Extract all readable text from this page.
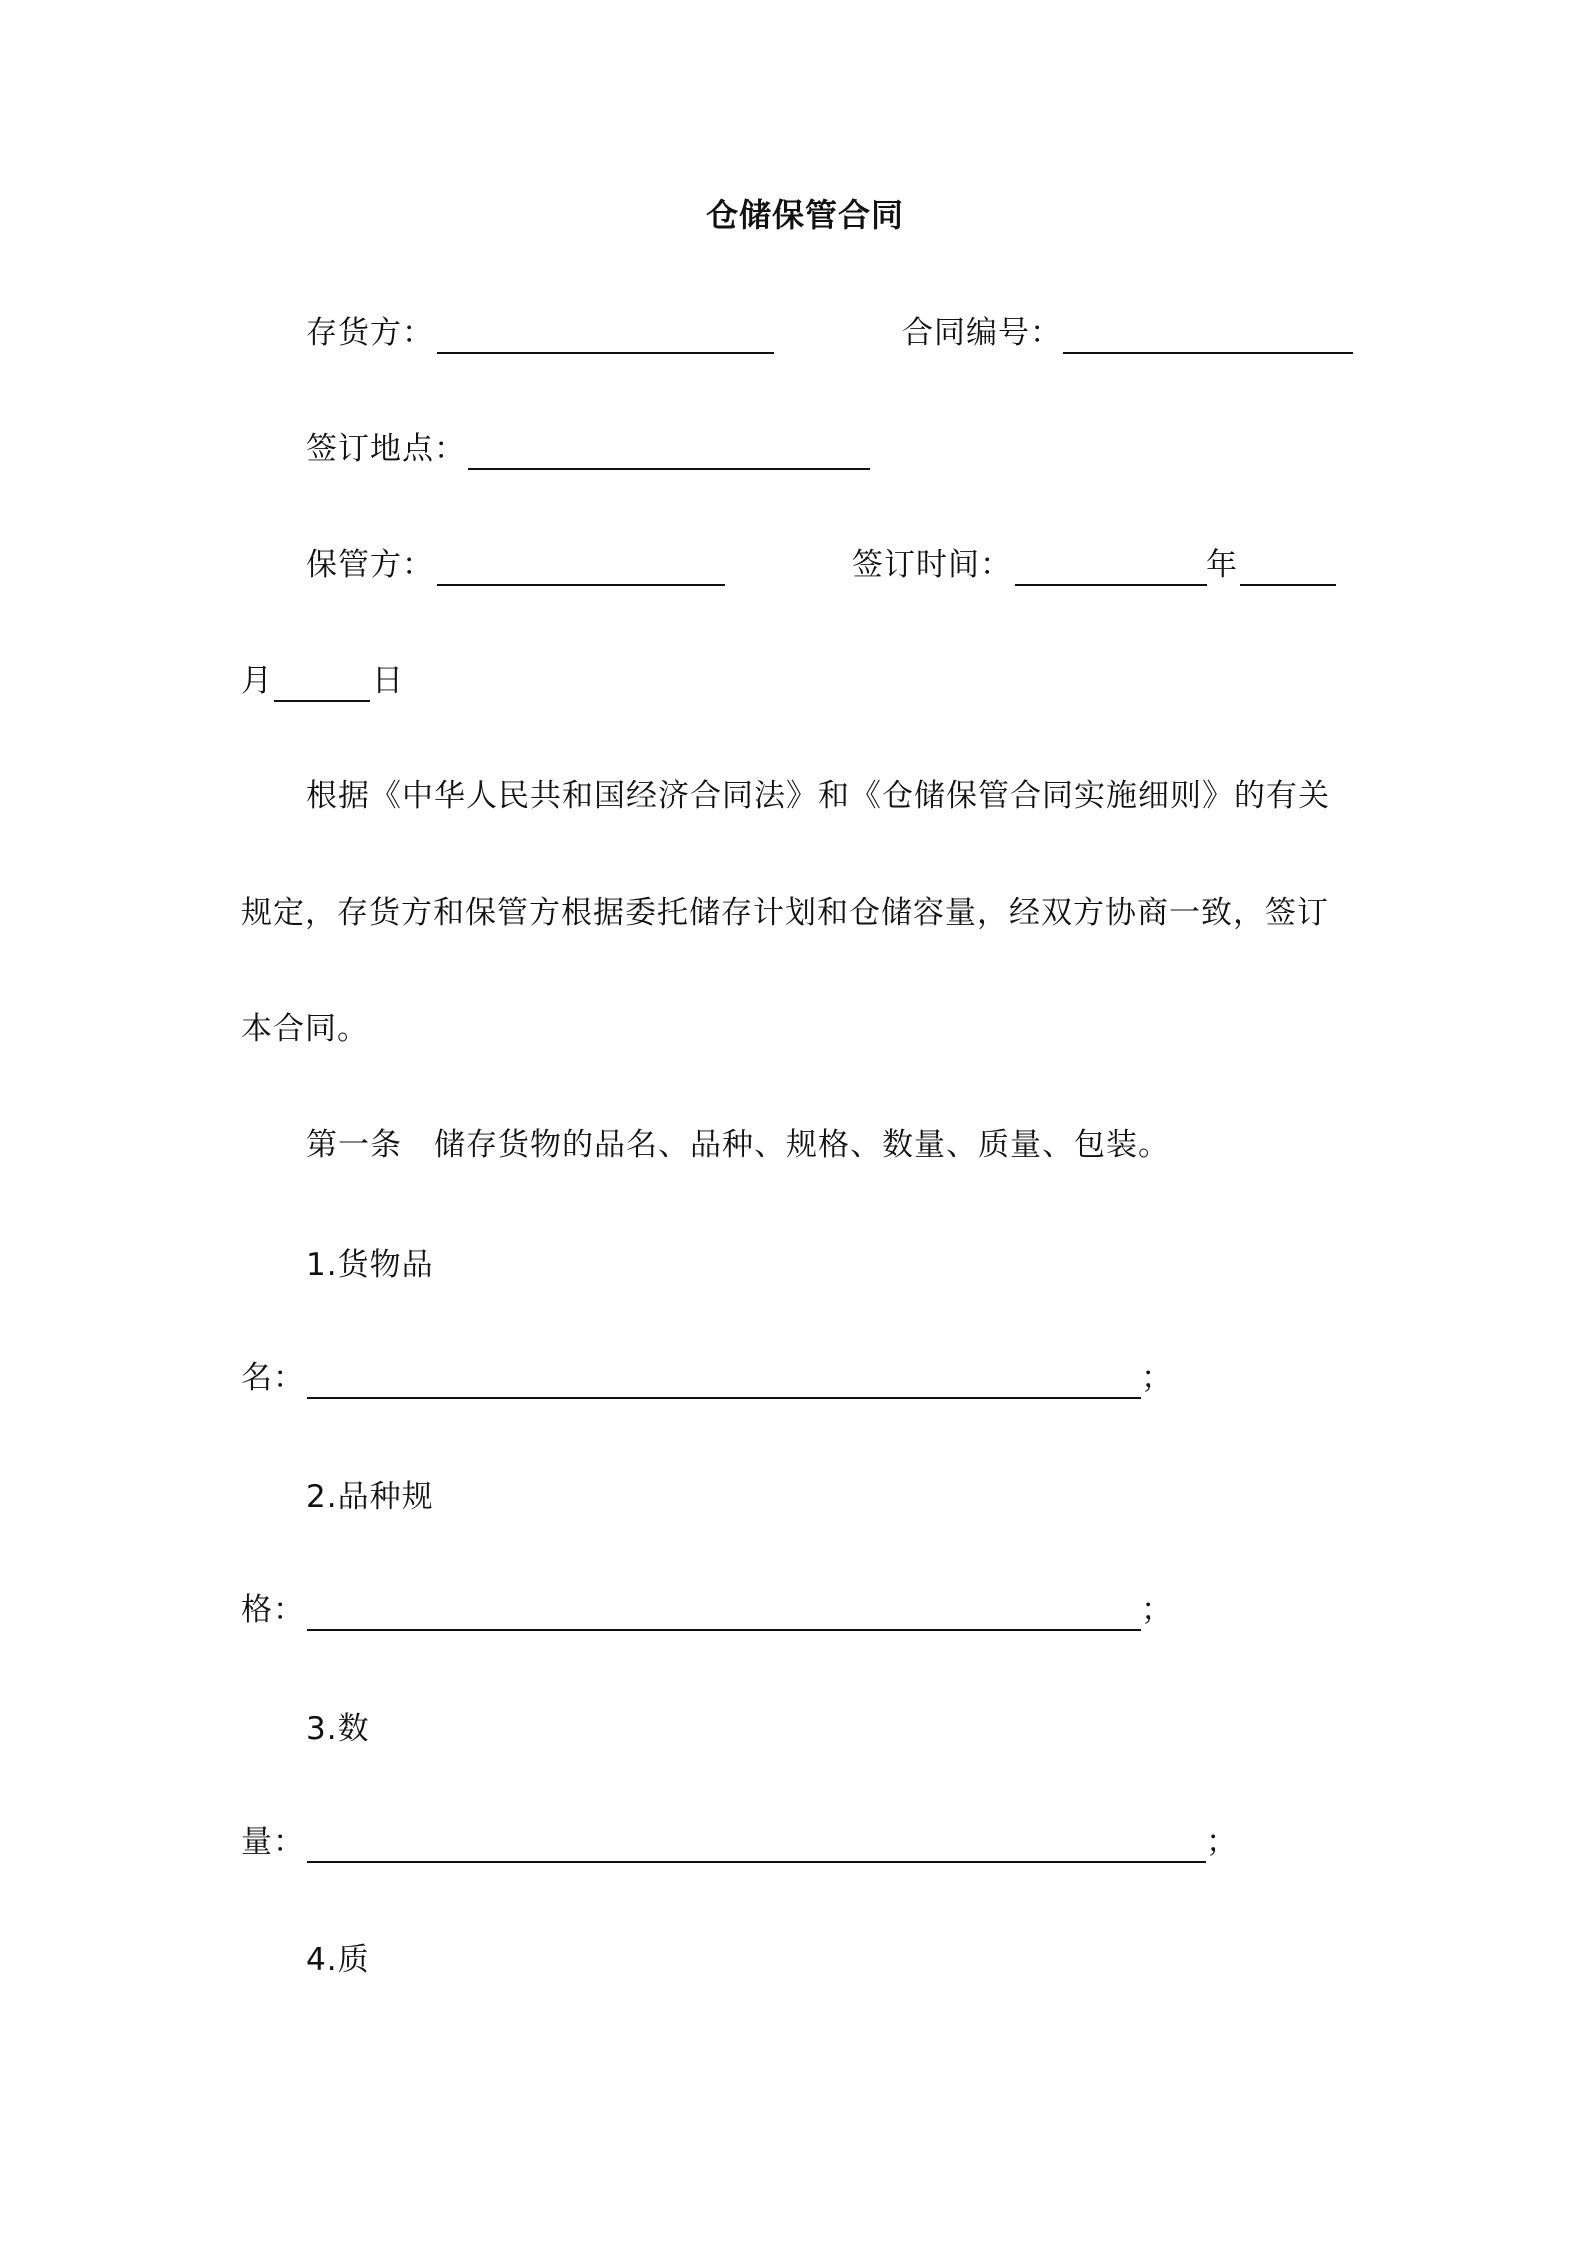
仓储保管合同
存货方：	合同编号：
签订地点：
保管方：	签订时间：	年
月	日
根据《中华人民共和国经济合同法》和《仓储保管合同实施细则》的有关
规定，存货方和保管方根据委托储存计划和仓储容量，经双方协商一致，签订
本合同。
第一条　储存货物的品名、品种、规格、数量、质量、包装。
1.货物品
名：	；
2.品种规
格：	；
3.数
量：	；
4.质
